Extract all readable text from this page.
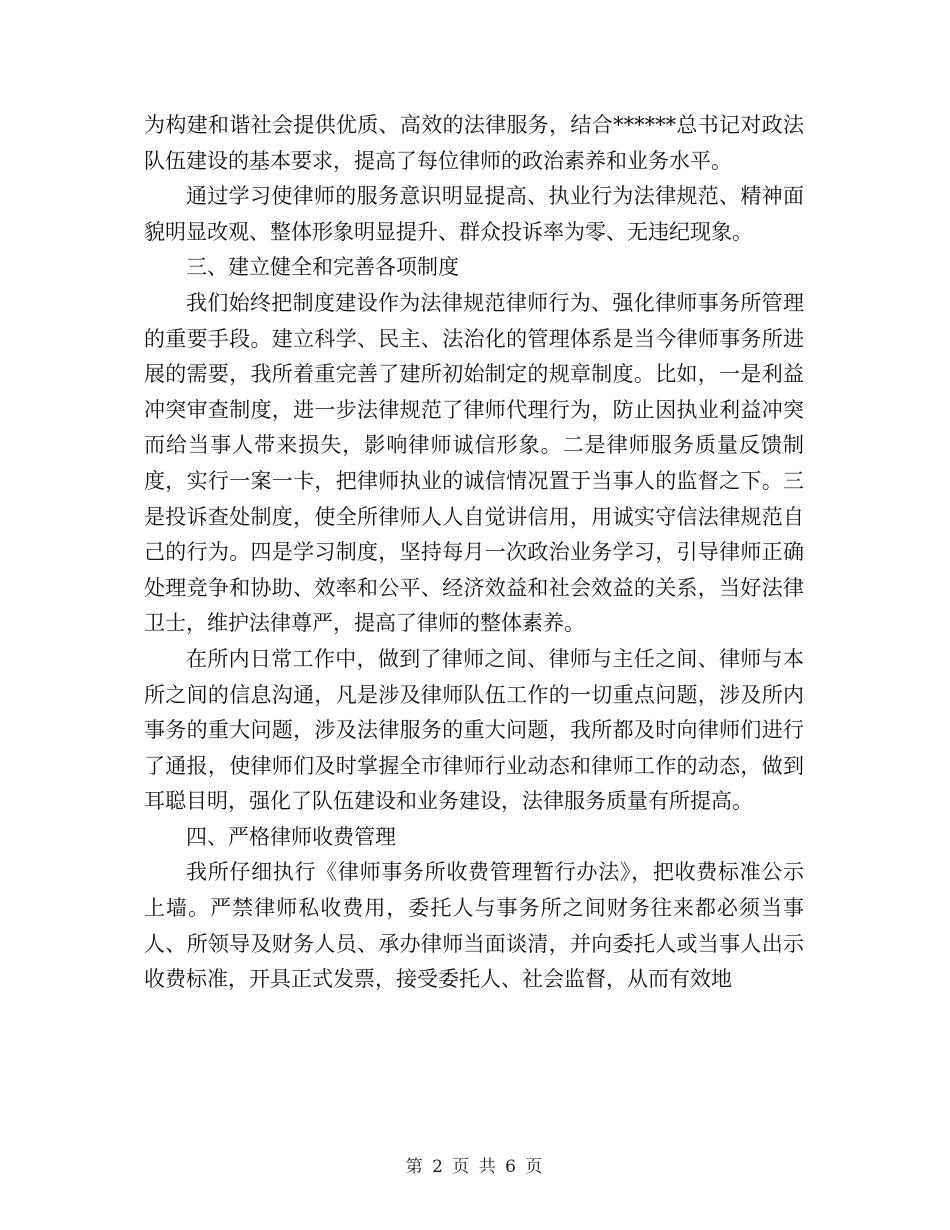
为构建和谐社会提供优质、高效的法律服务，结合******总书记对政法队伍建设的基本要求，提高了每位律师的政治素养和业务水平。

通过学习使律师的服务意识明显提高、执业行为法律规范、精神面貌明显改观、整体形象明显提升、群众投诉率为零、无违纪现象。

三、建立健全和完善各项制度

我们始终把制度建设作为法律规范律师行为、强化律师事务所管理的重要手段。建立科学、民主、法治化的管理体系是当今律师事务所进展的需要，我所着重完善了建所初始制定的规章制度。比如，一是利益冲突审查制度，进一步法律规范了律师代理行为，防止因执业利益冲突而给当事人带来损失，影响律师诚信形象。二是律师服务质量反馈制度，实行一案一卡，把律师执业的诚信情况置于当事人的监督之下。三是投诉查处制度，使全所律师人人自觉讲信用，用诚实守信法律规范自己的行为。四是学习制度，坚持每月一次政治业务学习，引导律师正确处理竞争和协助、效率和公平、经济效益和社会效益的关系，当好法律卫士，维护法律尊严，提高了律师的整体素养。

在所内日常工作中，做到了律师之间、律师与主任之间、律师与本所之间的信息沟通，凡是涉及律师队伍工作的一切重点问题，涉及所内事务的重大问题，涉及法律服务的重大问题，我所都及时向律师们进行了通报，使律师们及时掌握全市律师行业动态和律师工作的动态，做到耳聪目明，强化了队伍建设和业务建设，法律服务质量有所提高。

四、严格律师收费管理

我所仔细执行《律师事务所收费管理暂行办法》，把收费标准公示上墙。严禁律师私收费用，委托人与事务所之间财务往来都必须当事人、所领导及财务人员、承办律师当面谈清，并向委托人或当事人出示收费标准，开具正式发票，接受委托人、社会监督，从而有效地

第 2 页 共 6 页
